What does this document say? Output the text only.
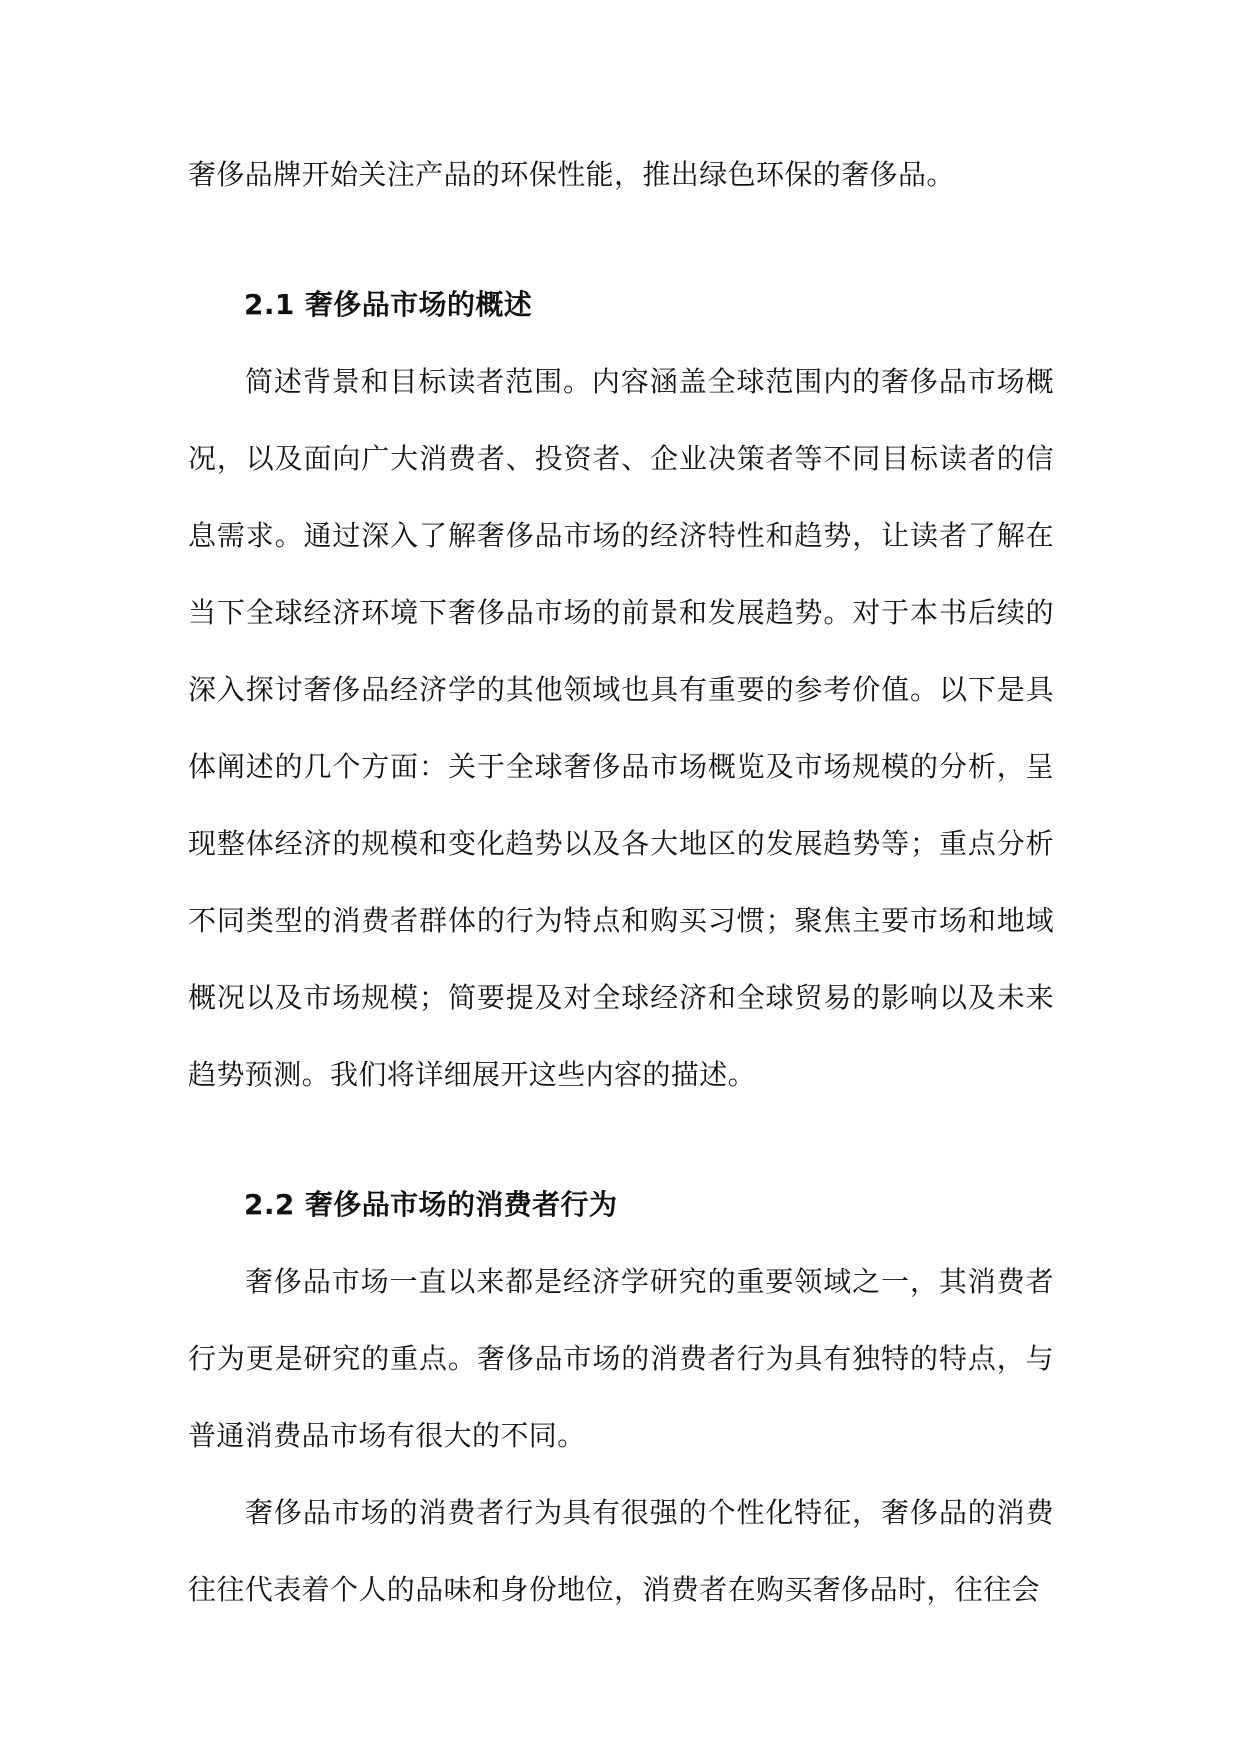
奢侈品牌开始关注产品的环保性能，推出绿色环保的奢侈品。

2.1 奢侈品市场的概述

简述背景和目标读者范围。内容涵盖全球范围内的奢侈品市场概况，以及面向广大消费者、投资者、企业决策者等不同目标读者的信息需求。通过深入了解奢侈品市场的经济特性和趋势，让读者了解在当下全球经济环境下奢侈品市场的前景和发展趋势。对于本书后续的深入探讨奢侈品经济学的其他领域也具有重要的参考价值。以下是具体阐述的几个方面：关于全球奢侈品市场概览及市场规模的分析，呈现整体经济的规模和变化趋势以及各大地区的发展趋势等；重点分析不同类型的消费者群体的行为特点和购买习惯；聚焦主要市场和地域概况以及市场规模；简要提及对全球经济和全球贸易的影响以及未来趋势预测。我们将详细展开这些内容的描述。

2.2 奢侈品市场的消费者行为

奢侈品市场一直以来都是经济学研究的重要领域之一，其消费者行为更是研究的重点。奢侈品市场的消费者行为具有独特的特点，与普通消费品市场有很大的不同。

奢侈品市场的消费者行为具有很强的个性化特征，奢侈品的消费往往代表着个人的品味和身份地位，消费者在购买奢侈品时，往往会
